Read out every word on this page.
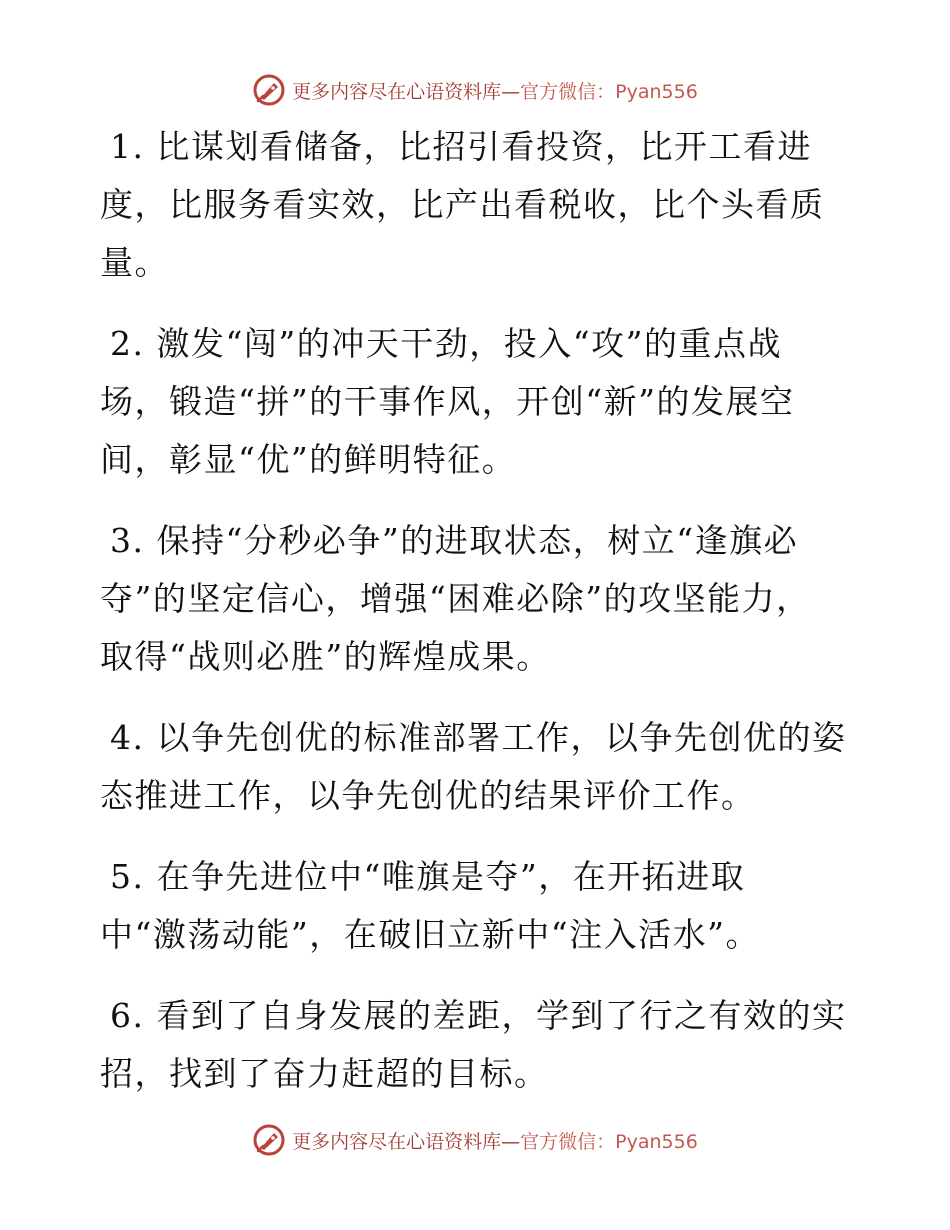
更多内容尽在心语资料库—官方微信：Pyan556

1. 比谋划看储备，比招引看投资，比开工看进
度，比服务看实效，比产出看税收，比个头看质
量。

2. 激发“闯”的冲天干劲，投入“攻”的重点战
场，锻造“拼”的干事作风，开创“新”的发展空
间，彰显“优”的鲜明特征。

3. 保持“分秒必争”的进取状态，树立“逢旗必
夺”的坚定信心，增强“困难必除”的攻坚能力，
取得“战则必胜”的辉煌成果。

4. 以争先创优的标准部署工作，以争先创优的姿
态推进工作，以争先创优的结果评价工作。

5. 在争先进位中“唯旗是夺”，在开拓进取
中“激荡动能”，在破旧立新中“注入活水”。

6. 看到了自身发展的差距，学到了行之有效的实
招，找到了奋力赶超的目标。

更多内容尽在心语资料库—官方微信：Pyan556
